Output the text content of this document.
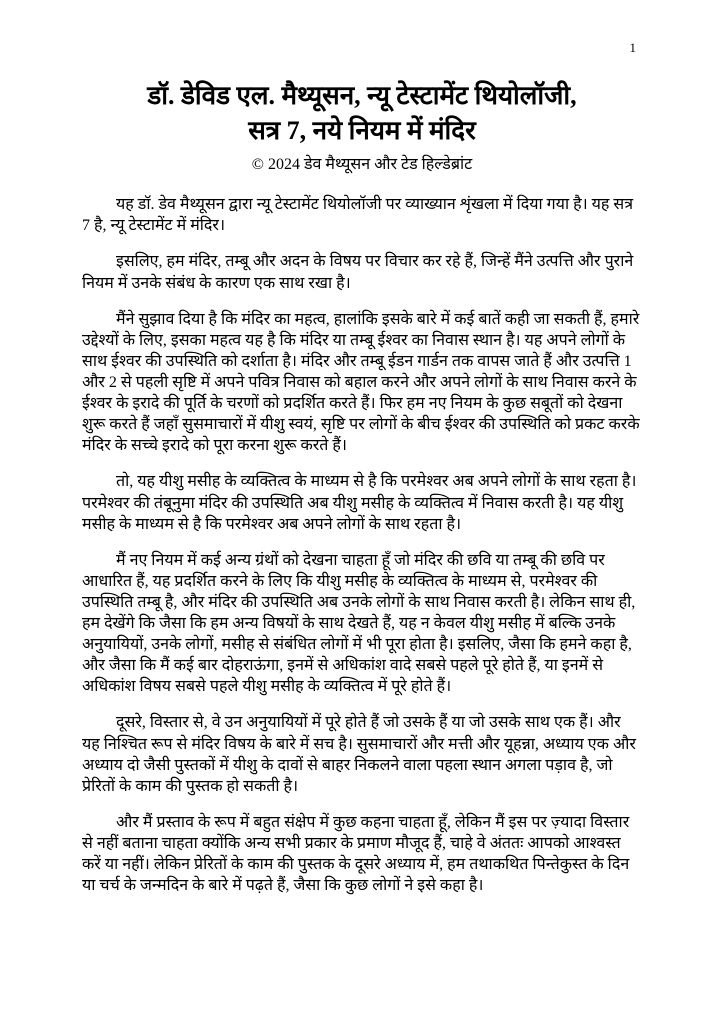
1
डॉ. डेविड एल. मैथ्यूसन, न्यू टेस्टामेंट थियोलॉजी,
सत्र 7, नये नियम में मंदिर
© 2024 डेव मैथ्यूसन और टेड हिल्डेब्रांट

यह डॉ. डेव मैथ्यूसन द्वारा न्यू टेस्टामेंट थियोलॉजी पर व्याख्यान शृंखला में दिया गया है। यह सत्र 7 है, न्यू टेस्टामेंट में मंदिर।

इसलिए, हम मंदिर, तम्बू और अदन के विषय पर विचार कर रहे हैं, जिन्हें मैंने उत्पत्ति और पुराने नियम में उनके संबंध के कारण एक साथ रखा है।

मैंने सुझाव दिया है कि मंदिर का महत्व, हालांकि इसके बारे में कई बातें कही जा सकती हैं, हमारे उद्देश्यों के लिए, इसका महत्व यह है कि मंदिर या तम्बू ईश्वर का निवास स्थान है। यह अपने लोगों के साथ ईश्वर की उपस्थिति को दर्शाता है। मंदिर और तम्बू ईडन गार्डन तक वापस जाते हैं और उत्पत्ति 1 और 2 से पहली सृष्टि में अपने पवित्र निवास को बहाल करने और अपने लोगों के साथ निवास करने के ईश्वर के इरादे की पूर्ति के चरणों को प्रदर्शित करते हैं। फिर हम नए नियम के कुछ सबूतों को देखना शुरू करते हैं जहाँ सुसमाचारों में यीशु स्वयं, सृष्टि पर लोगों के बीच ईश्वर की उपस्थिति को प्रकट करके मंदिर के सच्चे इरादे को पूरा करना शुरू करते हैं।

तो, यह यीशु मसीह के व्यक्तित्व के माध्यम से है कि परमेश्वर अब अपने लोगों के साथ रहता है। परमेश्वर की तंबूनुमा मंदिर की उपस्थिति अब यीशु मसीह के व्यक्तित्व में निवास करती है। यह यीशु मसीह के माध्यम से है कि परमेश्वर अब अपने लोगों के साथ रहता है।

मैं नए नियम में कई अन्य ग्रंथों को देखना चाहता हूँ जो मंदिर की छवि या तम्बू की छवि पर आधारित हैं, यह प्रदर्शित करने के लिए कि यीशु मसीह के व्यक्तित्व के माध्यम से, परमेश्वर की उपस्थिति तम्बू है, और मंदिर की उपस्थिति अब उनके लोगों के साथ निवास करती है। लेकिन साथ ही, हम देखेंगे कि जैसा कि हम अन्य विषयों के साथ देखते हैं, यह न केवल यीशु मसीह में बल्कि उनके अनुयायियों, उनके लोगों, मसीह से संबंधित लोगों में भी पूरा होता है। इसलिए, जैसा कि हमने कहा है, और जैसा कि मैं कई बार दोहराऊंगा, इनमें से अधिकांश वादे सबसे पहले पूरे होते हैं, या इनमें से अधिकांश विषय सबसे पहले यीशु मसीह के व्यक्तित्व में पूरे होते हैं।

दूसरे, विस्तार से, वे उन अनुयायियों में पूरे होते हैं जो उसके हैं या जो उसके साथ एक हैं। और यह निश्चित रूप से मंदिर विषय के बारे में सच है। सुसमाचारों और मत्ती और यूहन्ना, अध्याय एक और अध्याय दो जैसी पुस्तकों में यीशु के दावों से बाहर निकलने वाला पहला स्थान अगला पड़ाव है, जो प्रेरितों के काम की पुस्तक हो सकती है।

और मैं प्रस्ताव के रूप में बहुत संक्षेप में कुछ कहना चाहता हूँ, लेकिन मैं इस पर ज़्यादा विस्तार से नहीं बताना चाहता क्योंकि अन्य सभी प्रकार के प्रमाण मौजूद हैं, चाहे वे अंततः आपको आश्वस्त करें या नहीं। लेकिन प्रेरितों के काम की पुस्तक के दूसरे अध्याय में, हम तथाकथित पिन्तेकुस्त के दिन या चर्च के जन्मदिन के बारे में पढ़ते हैं, जैसा कि कुछ लोगों ने इसे कहा है।
